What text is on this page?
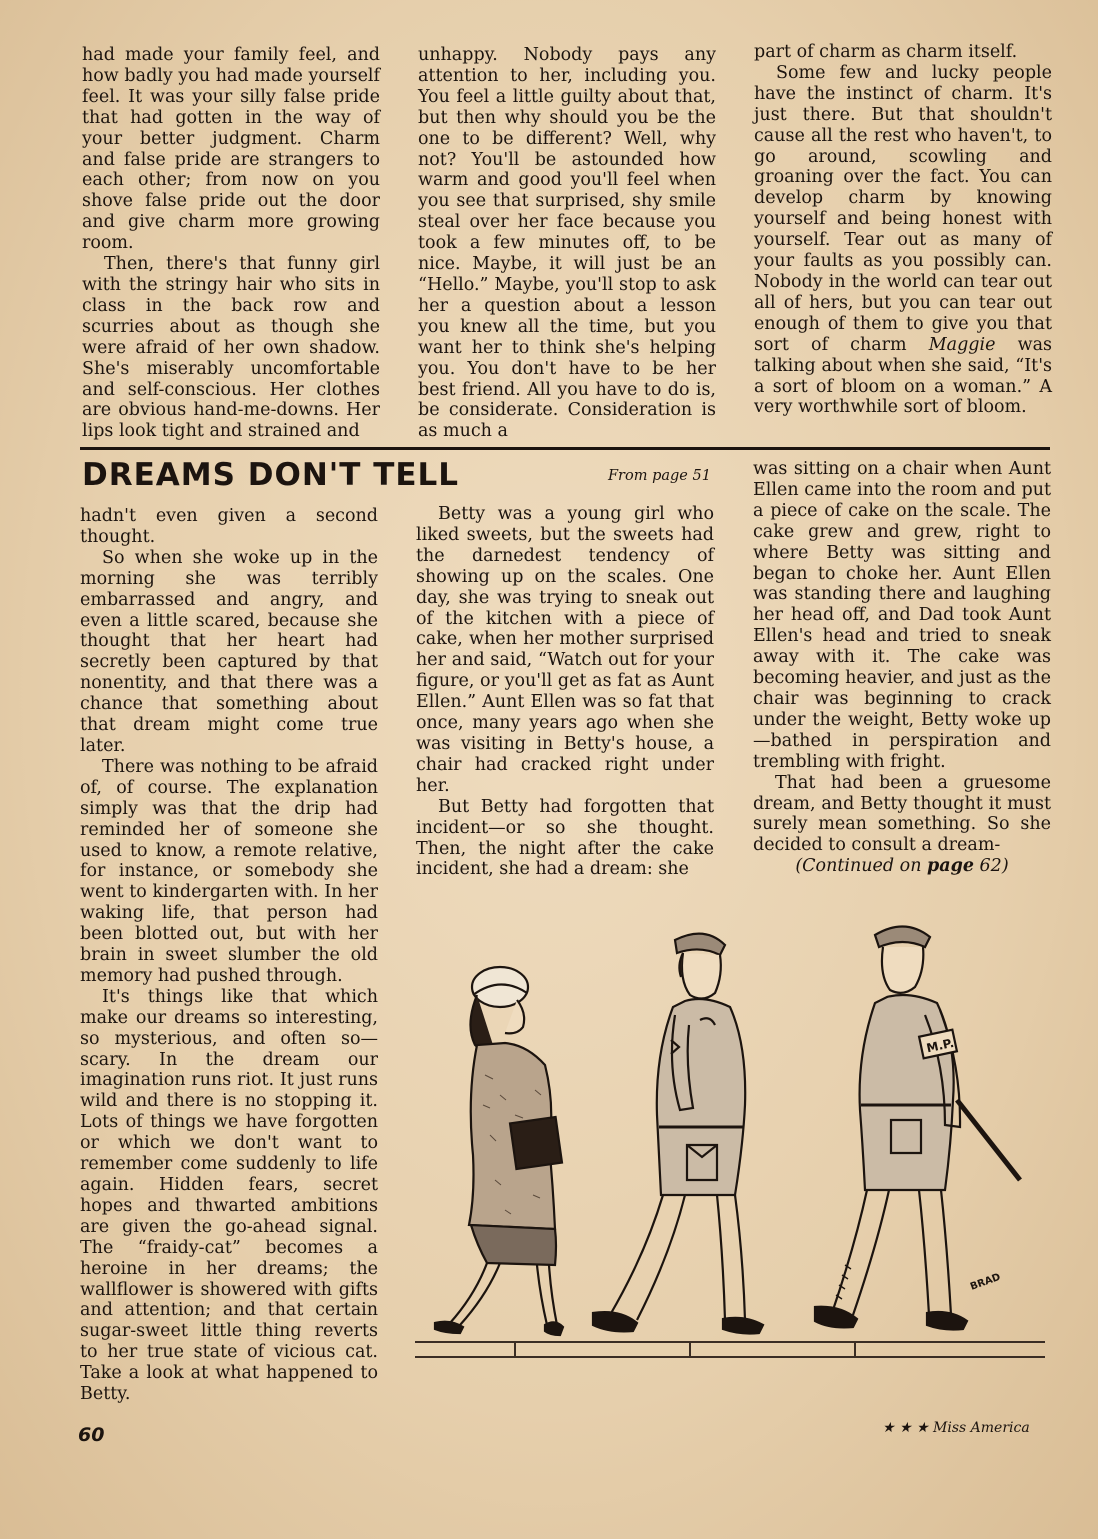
had made your family feel, and how badly you had made yourself feel. It was your silly false pride that had gotten in the way of your better judgment. Charm and false pride are strangers to each other; from now on you shove false pride out the door and give charm more growing room.

Then, there's that funny girl with the stringy hair who sits in class in the back row and scurries about as though she were afraid of her own shadow. She's miserably uncomfortable and self-conscious. Her clothes are obvious hand-me-downs. Her lips look tight and strained and

unhappy. Nobody pays any attention to her, including you. You feel a little guilty about that, but then why should you be the one to be different? Well, why not? You'll be astounded how warm and good you'll feel when you see that surprised, shy smile steal over her face because you took a few minutes off, to be nice. Maybe, it will just be an “Hello.” Maybe, you'll stop to ask her a question about a lesson you knew all the time, but you want her to think she's helping you. You don't have to be her best friend. All you have to do is, be considerate. Consideration is as much a

part of charm as charm itself.

Some few and lucky people have the instinct of charm. It's just there. But that shouldn't cause all the rest who haven't, to go around, scowling and groaning over the fact. You can develop charm by knowing yourself and being honest with yourself. Tear out as many of your faults as you possibly can. Nobody in the world can tear out all of hers, but you can tear out enough of them to give you that sort of charm Maggie was talking about when she said, “It's a sort of bloom on a woman.” A very worthwhile sort of bloom.

DREAMS DON'T TELL	From page 51

hadn't even given a second thought.

So when she woke up in the morning she was terribly embarrassed and angry, and even a little scared, because she thought that her heart had secretly been captured by that nonentity, and that there was a chance that something about that dream might come true later.

There was nothing to be afraid of, of course. The explanation simply was that the drip had reminded her of someone she used to know, a remote relative, for instance, or somebody she went to kindergarten with. In her waking life, that person had been blotted out, but with her brain in sweet slumber the old memory had pushed through.

It's things like that which make our dreams so interesting, so mysterious, and often so—scary. In the dream our imagination runs riot. It just runs wild and there is no stopping it. Lots of things we have forgotten or which we don't want to remember come suddenly to life again. Hidden fears, secret hopes and thwarted ambitions are given the go-ahead signal. The “fraidy-cat” becomes a heroine in her dreams; the wallflower is showered with gifts and attention; and that certain sugar-sweet little thing reverts to her true state of vicious cat. Take a look at what happened to Betty.

Betty was a young girl who liked sweets, but the sweets had the darnedest tendency of showing up on the scales. One day, she was trying to sneak out of the kitchen with a piece of cake, when her mother surprised her and said, “Watch out for your figure, or you'll get as fat as Aunt Ellen.” Aunt Ellen was so fat that once, many years ago when she was visiting in Betty's house, a chair had cracked right under her.

But Betty had forgotten that incident—or so she thought. Then, the night after the cake incident, she had a dream: she

was sitting on a chair when Aunt Ellen came into the room and put a piece of cake on the scale. The cake grew and grew, right to where Betty was sitting and began to choke her. Aunt Ellen was standing there and laughing her head off, and Dad took Aunt Ellen's head and tried to sneak away with it. The cake was becoming heavier, and just as the chair was beginning to crack under the weight, Betty woke up—bathed in perspiration and trembling with fright.

That had been a gruesome dream, and Betty thought it must surely mean something. So she decided to consult a dream-

(Continued on page 62)

M.P.
BRAD
60	★ ★ ★ Miss America
